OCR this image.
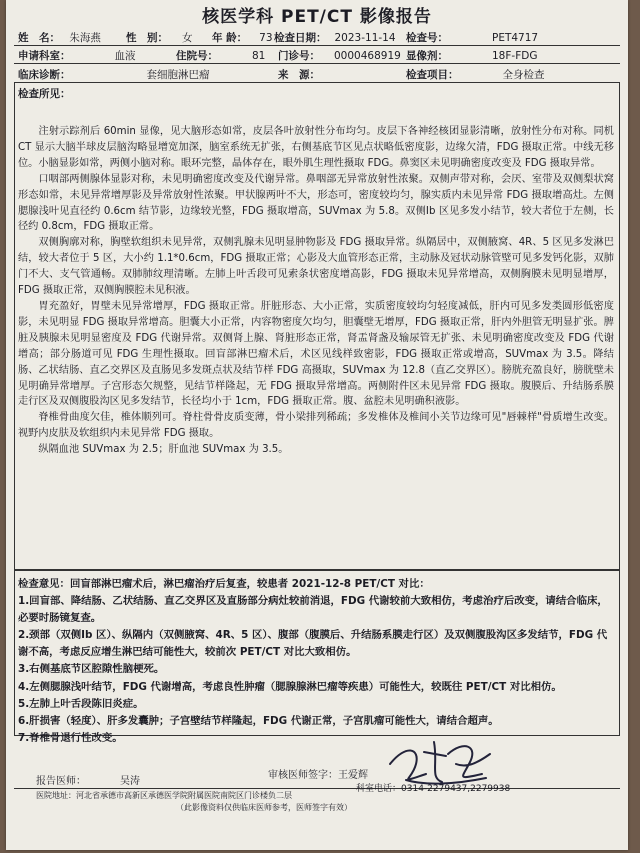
核医学科 PET/CT 影像报告
姓　名： 朱海燕 性　别： 女 年 龄： 73 检查日期： 2023-11-14 检查号：	PET4717
申请科室：	血液	住院号：	81 门诊号： 0000468919 显像剂：	18F-FDG
临床诊断：	套细胞淋巴瘤	来　源：	检查项目：	全身检查
检查所见：

注射示踪剂后 60min 显像，见大脑形态如常，皮层各叶放射性分布均匀。皮层下各神经核团显影清晰，放射性分布对称。同机 CT 显示大脑半球皮层脑沟略显增宽加深，脑室系统无扩张，右侧基底节区见点状略低密度影，边缘欠清，FDG 摄取正常。中线无移位。小脑显影如常，两侧小脑对称。眼环完整，晶体存在，眼外肌生理性摄取 FDG。鼻窦区未见明确密度改变及 FDG 摄取异常。

口咽部两侧腺体显影对称，未见明确密度改变及代谢异常。鼻咽部无异常放射性浓聚。双侧声带对称，会厌、室带及双侧梨状窝形态如常，未见异常增厚影及异常放射性浓聚。甲状腺两叶不大，形态可，密度较均匀，腺实质内未见异常 FDG 摄取增高灶。左侧腮腺浅叶见直径约 0.6cm 结节影，边缘较光整，FDG 摄取增高，SUVmax 为 5.8。双侧Ⅰb 区见多发小结节，较大者位于左侧，长径约 0.8cm，FDG 摄取正常。

双侧胸廓对称，胸壁软组织未见异常，双侧乳腺未见明显肿物影及 FDG 摄取异常。纵隔居中，双侧腋窝、4R、5 区见多发淋巴结，较大者位于 5 区，大小约 1.1*0.6cm，FDG 摄取正常；心影及大血管形态正常，主动脉及冠状动脉管壁可见多发钙化影，双肺门不大、支气管通畅。双肺肺纹理清晰。左肺上叶舌段可见索条状密度增高影，FDG 摄取未见异常增高，双侧胸膜未见明显增厚，FDG 摄取正常，双侧胸膜腔未见积液。

胃充盈好，胃壁未见异常增厚，FDG 摄取正常。肝脏形态、大小正常，实质密度较均匀轻度减低，肝内可见多发类圆形低密度影，未见明显 FDG 摄取异常增高。胆囊大小正常，内容物密度欠均匀，胆囊壁无增厚，FDG 摄取正常，肝内外胆管无明显扩张。脾脏及胰腺未见明显密度及 FDG 代谢异常。双侧肾上腺、肾脏形态正常，肾盂肾盏及输尿管无扩张、未见明确密度改变及 FDG 代谢增高；部分肠道可见 FDG 生理性摄取。回盲部淋巴瘤术后，术区见线样致密影，FDG 摄取正常或增高，SUVmax 为 3.5。降结肠、乙状结肠、直乙交界区及直肠见多发斑点状及结节样 FDG 高摄取，SUVmax 为 12.8（直乙交界区）。膀胱充盈良好，膀胱壁未见明确异常增厚。子宫形态欠规整，见结节样隆起，无 FDG 摄取异常增高。两侧附件区未见异常 FDG 摄取。腹膜后、升结肠系膜走行区及双侧腹股沟区见多发结节，长径均小于 1cm，FDG 摄取正常。腹、盆腔未见明确积液影。

脊椎骨曲度欠佳，椎体顺列可。脊柱骨骨皮质变薄，骨小梁排列稀疏；多发椎体及椎间小关节边缘可见"唇棘样"骨质增生改变。视野内皮肤及软组织内未见异常 FDG 摄取。

纵隔血池 SUVmax 为 2.5；肝血池 SUVmax 为 3.5。

检查意见：回盲部淋巴瘤术后，淋巴瘤治疗后复查，较患者 2021-12-8 PET/CT 对比：
1.回盲部、降结肠、乙状结肠、直乙交界区及直肠部分病灶较前消退，FDG 代谢较前大致相仿，考虑治疗后改变，请结合临床，必要时肠镜复查。
2.颈部（双侧Ⅰb 区）、纵隔内（双侧腋窝、4R、5 区）、腹部（腹膜后、升结肠系膜走行区）及双侧腹股沟区多发结节，FDG 代谢不高，考虑反应增生淋巴结可能性大，较前次 PET/CT 对比大致相仿。
3.右侧基底节区腔隙性脑梗死。
4.左侧腮腺浅叶结节，FDG 代谢增高，考虑良性肿瘤（腮腺腺淋巴瘤等疾患）可能性大，较既往 PET/CT 对比相仿。
5.左肺上叶舌段陈旧炎症。
6.肝损害（轻度）、肝多发囊肿；子宫壁结节样隆起，FDG 代谢正常，子宫肌瘤可能性大，请结合超声。
7.脊椎骨退行性改变。
报告医师：	吴涛
审核医师签字：王爱辉
医院地址：河北省承德市高新区承德医学院附属医院南院区门诊楼负二层
科室电话：0314-2279437,2279938
（此影像资料仅供临床医师参考，医师签字有效）
